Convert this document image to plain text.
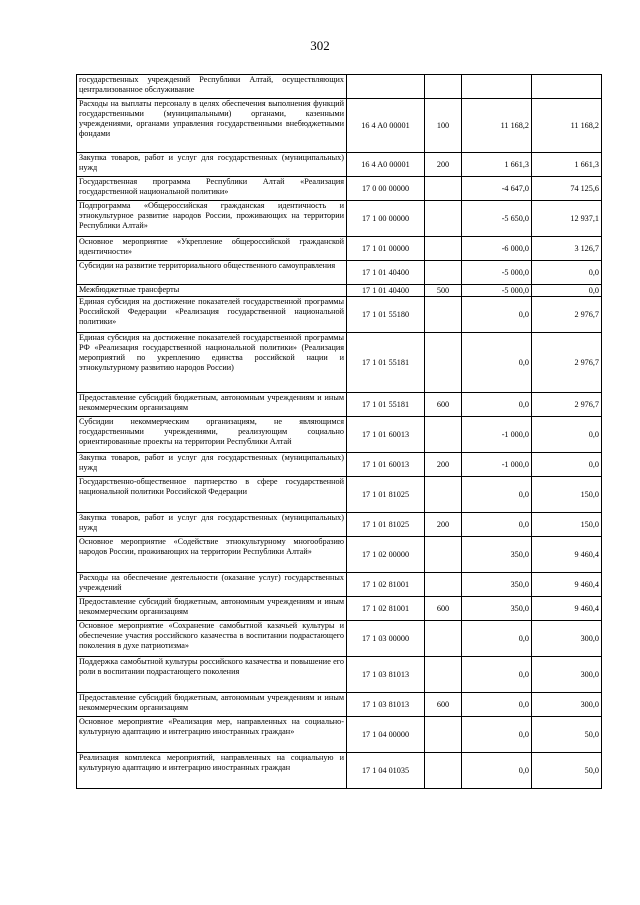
302
государственных учреждений Республики Алтай, осуществляющих централизованное обслуживание				
Расходы на выплаты персоналу в целях обеспечения выполнения функций государственными (муниципальными) органами, казенными учреждениями, органами управления государственными внебюджетными фондами	16 4 A0 00001	100	11 168,2	11 168,2
Закупка товаров, работ и услуг для государственных (муниципальных) нужд	16 4 A0 00001	200	1 661,3	1 661,3
Государственная программа Республики Алтай «Реализация государственной национальной политики»	17 0 00 00000		-4 647,0	74 125,6
Подпрограмма «Общероссийская гражданская идентичность и этнокультурное развитие народов России, проживающих на территории Республики Алтай»	17 1 00 00000		-5 650,0	12 937,1
Основное мероприятие «Укрепление общероссийской гражданской идентичности»	17 1 01 00000		-6 000,0	3 126,7
Субсидии на развитие территориального общественного самоуправления	17 1 01 40400		-5 000,0	0,0
Межбюджетные трансферты	17 1 01 40400	500	-5 000,0	0,0
Единая субсидия на достижение показателей государственной программы Российской Федерации «Реализация государственной национальной политики»	17 1 01 55180		0,0	2 976,7
Единая субсидия на достижение показателей государственной программы РФ «Реализация государственной национальной политики» (Реализация мероприятий по укреплению единства российской нации и этнокультурному развитию народов России)	17 1 01 55181		0,0	2 976,7
Предоставление субсидий бюджетным, автономным учреждениям и иным некоммерческим организациям	17 1 01 55181	600	0,0	2 976,7
Субсидии некоммерческим организациям, не являющимся государственными учреждениями, реализующим социально ориентированные проекты на территории Республики Алтай	17 1 01 60013		-1 000,0	0,0
Закупка товаров, работ и услуг для государственных (муниципальных) нужд	17 1 01 60013	200	-1 000,0	0,0
Государственно-общественное партнерство в сфере государственной национальной политики Российской Федерации	17 1 01 81025		0,0	150,0
Закупка товаров, работ и услуг для государственных (муниципальных) нужд	17 1 01 81025	200	0,0	150,0
Основное мероприятие «Содействие этнокультурному многообразию народов России, проживающих на территории Республики Алтай»	17 1 02 00000		350,0	9 460,4
Расходы на обеспечение деятельности (оказание услуг) государственных учреждений	17 1 02 81001		350,0	9 460,4
Предоставление субсидий бюджетным, автономным учреждениям и иным некоммерческим организациям	17 1 02 81001	600	350,0	9 460,4
Основное мероприятие «Сохранение самобытной казачьей культуры и обеспечение участия российского казачества в воспитании подрастающего поколения в духе патриотизма»	17 1 03 00000		0,0	300,0
Поддержка самобытной культуры российского казачества и повышение его роли в воспитании подрастающего поколения	17 1 03 81013		0,0	300,0
Предоставление субсидий бюджетным, автономным учреждениям и иным некоммерческим организациям	17 1 03 81013	600	0,0	300,0
Основное мероприятие «Реализация мер, направленных на социально-культурную адаптацию и интеграцию иностранных граждан»	17 1 04 00000		0,0	50,0
Реализация комплекса мероприятий, направленных на социальную и культурную адаптацию и интеграцию иностранных граждан	17 1 04 01035		0,0	50,0
